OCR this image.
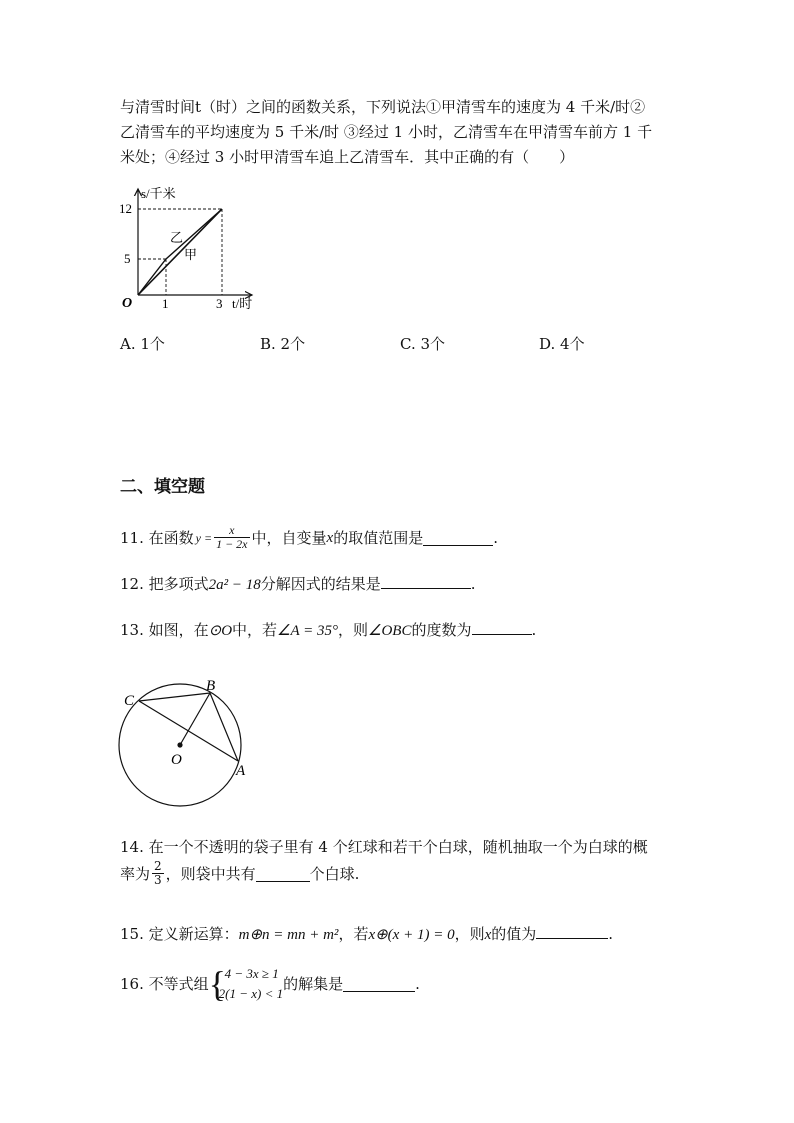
与清雪时间t（时）之间的函数关系，下列说法①甲清雪车的速度为 4 千米/时②
乙清雪车的平均速度为 5 千米/时 ③经过 1 小时，乙清雪车在甲清雪车前方 1 千
米处；④经过 3 小时甲清雪车追上乙清雪车．其中正确的有（　　）
s/千米
t/时
O
12
5
1	3
乙
甲
A. 1个	B. 2个	C. 3个	D. 4个
二、填空题
11. 在函数 $y = \frac{x}{1 - 2x}$ 中，自变量 x 的取值范围是	.
12. 把多项式2a² − 18分解因式的结果是	.
13. 如图，在⊙O中，若∠A = 35°，则∠OBC的度数为	.
C
B
O
A
14. 在一个不透明的袋子里有 4 个红球和若干个白球，随机抽取一个为白球的概
率为 $\frac{2}{3}$ ，则袋中共有	个白球.
15. 定义新运算：m⊕n = mn + m²，若x⊕(x + 1) = 0，则x的值为	.
16. 不等式组 {
4 − 3x ≥ 1
2(1 − x) < 1
的解集是	.
